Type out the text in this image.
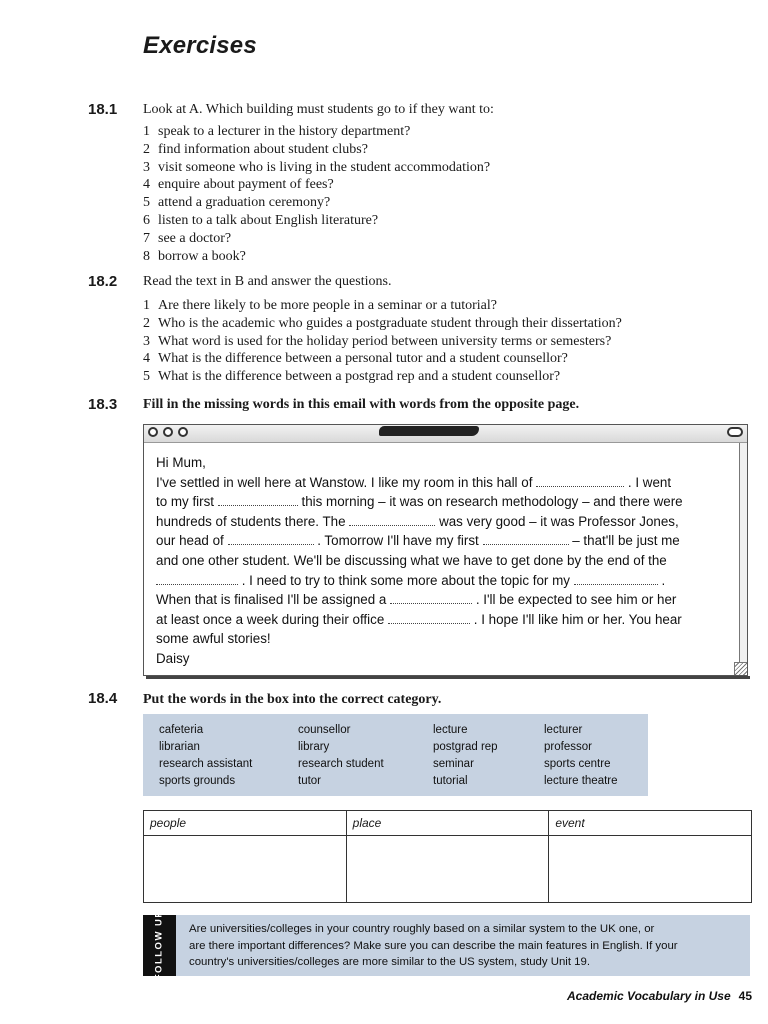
Exercises
18.1 Look at A. Which building must students go to if they want to:
1 speak to a lecturer in the history department?
2 find information about student clubs?
3 visit someone who is living in the student accommodation?
4 enquire about payment of fees?
5 attend a graduation ceremony?
6 listen to a talk about English literature?
7 see a doctor?
8 borrow a book?
18.2 Read the text in B and answer the questions.
1 Are there likely to be more people in a seminar or a tutorial?
2 Who is the academic who guides a postgraduate student through their dissertation?
3 What word is used for the holiday period between university terms or semesters?
4 What is the difference between a personal tutor and a student counsellor?
5 What is the difference between a postgrad rep and a student counsellor?
18.3 Fill in the missing words in this email with words from the opposite page.
Hi Mum,
I've settled in well here at Wanstow. I like my room in this hall of	. I went
to my first	this morning – it was on research methodology – and there were
hundreds of students there. The	was very good – it was Professor Jones,
our head of	. Tomorrow I'll have my first	– that'll be just me
and one other student. We'll be discussing what we have to get done by the end of the
. I need to try to think some more about the topic for my	.
When that is finalised I'll be assigned a	. I'll be expected to see him or her
at least once a week during their office	. I hope I'll like him or her. You hear
some awful stories!
Daisy
18.4 Put the words in the box into the correct category.
cafeteria	counsellor	lecture	lecturer
librarian	library	postgrad rep	professor
research assistant	research student	seminar	sports centre
sports grounds	tutor	tutorial	lecture theatre
people	place	event

FOLLOW UP Are universities/colleges in your country roughly based on a similar system to the UK one, or
are there important differences? Make sure you can describe the main features in English. If your
country's universities/colleges are more similar to the US system, study Unit 19.
Academic Vocabulary in Use 45
